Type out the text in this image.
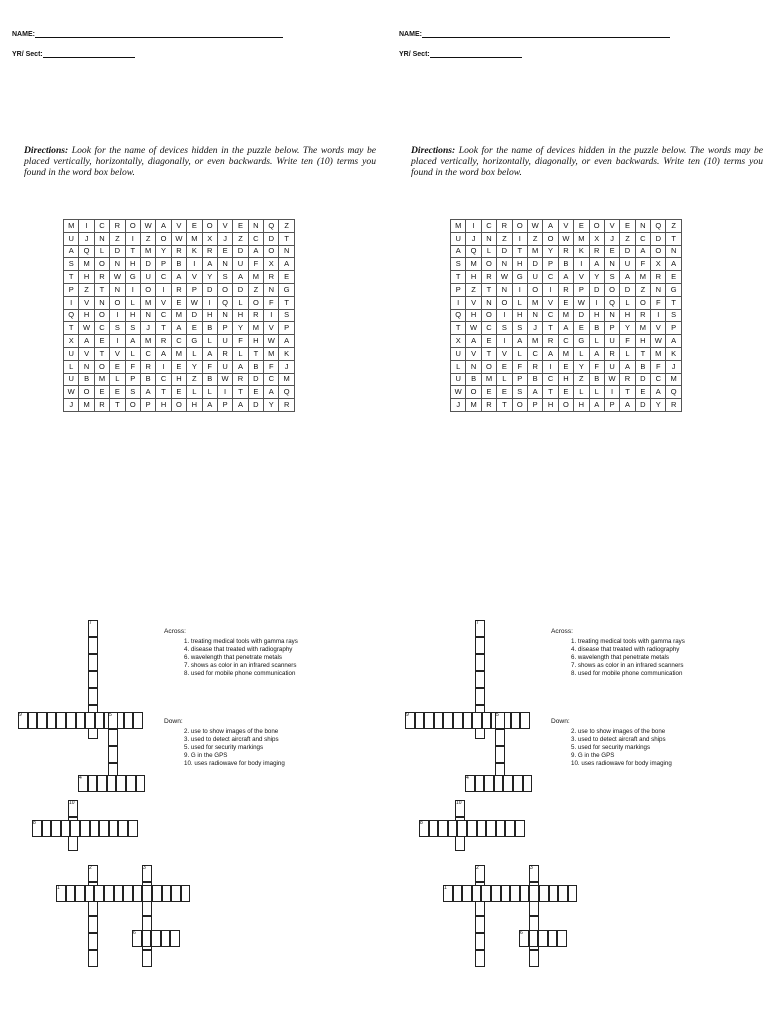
NAME:
YR/ Sect:
Directions: Look for the name of devices hidden in the puzzle below. The words may be placed vertically, horizontally, diagonally, or even backwards. Write ten (10) terms you found in the word box below.
M	I	C	R	O	W	A	V	E	O	V	E	N	Q	Z
U	J	N	Z	I	Z	O	W	M	X	J	Z	C	D	T
A	Q	L	D	T	M	Y	R	K	R	E	D	A	O	N
S	M	O	N	H	D	P	B	I	A	N	U	F	X	A
T	H	R	W	G	U	C	A	V	Y	S	A	M	R	E
P	Z	T	N	I	O	I	R	P	D	O	D	Z	N	G
I	V	N	O	L	M	V	E	W	I	Q	L	O	F	T
Q	H	O	I	H	N	C	M	D	H	N	H	R	I	S
T	W	C	S	S	J	T	A	E	B	P	Y	M	V	P
X	A	E	I	A	M	R	C	G	L	U	F	H	W	A
U	V	T	V	L	C	A	M	L	A	R	L	T	M	K
L	N	O	E	F	R	I	E	Y	F	U	A	B	F	J
U	B	M	L	P	B	C	H	Z	B	W	R	D	C	M
W	O	E	E	S	A	T	E	L	L	I	T	E	A	Q
J	M	R	T	O	P	H	O	H	A	P	A	D	Y	R
7
9	5
4
10
8
2	3
1
6
Across:
1. treating medical tools with gamma rays
4. disease that treated with radiography
6. wavelength that penetrate metals
7. shows as color in an infrared scanners
8. used for mobile phone communication
Down:
2. use to show images of the bone
3. used to detect aircraft and ships
5. used for security markings
9. G in the GPS
10. uses radiowave for body imaging
NAME:
YR/ Sect:
Directions: Look for the name of devices hidden in the puzzle below. The words may be placed vertically, horizontally, diagonally, or even backwards. Write ten (10) terms you found in the word box below.
M	I	C	R	O	W	A	V	E	O	V	E	N	Q	Z
U	J	N	Z	I	Z	O	W	M	X	J	Z	C	D	T
A	Q	L	D	T	M	Y	R	K	R	E	D	A	O	N
S	M	O	N	H	D	P	B	I	A	N	U	F	X	A
T	H	R	W	G	U	C	A	V	Y	S	A	M	R	E
P	Z	T	N	I	O	I	R	P	D	O	D	Z	N	G
I	V	N	O	L	M	V	E	W	I	Q	L	O	F	T
Q	H	O	I	H	N	C	M	D	H	N	H	R	I	S
T	W	C	S	S	J	T	A	E	B	P	Y	M	V	P
X	A	E	I	A	M	R	C	G	L	U	F	H	W	A
U	V	T	V	L	C	A	M	L	A	R	L	T	M	K
L	N	O	E	F	R	I	E	Y	F	U	A	B	F	J
U	B	M	L	P	B	C	H	Z	B	W	R	D	C	M
W	O	E	E	S	A	T	E	L	L	I	T	E	A	Q
J	M	R	T	O	P	H	O	H	A	P	A	D	Y	R
7
9	5
4
10
8
2	3
1
6
Across:
1. treating medical tools with gamma rays
4. disease that treated with radiography
6. wavelength that penetrate metals
7. shows as color in an infrared scanners
8. used for mobile phone communication
Down:
2. use to show images of the bone
3. used to detect aircraft and ships
5. used for security markings
9. G in the GPS
10. uses radiowave for body imaging
